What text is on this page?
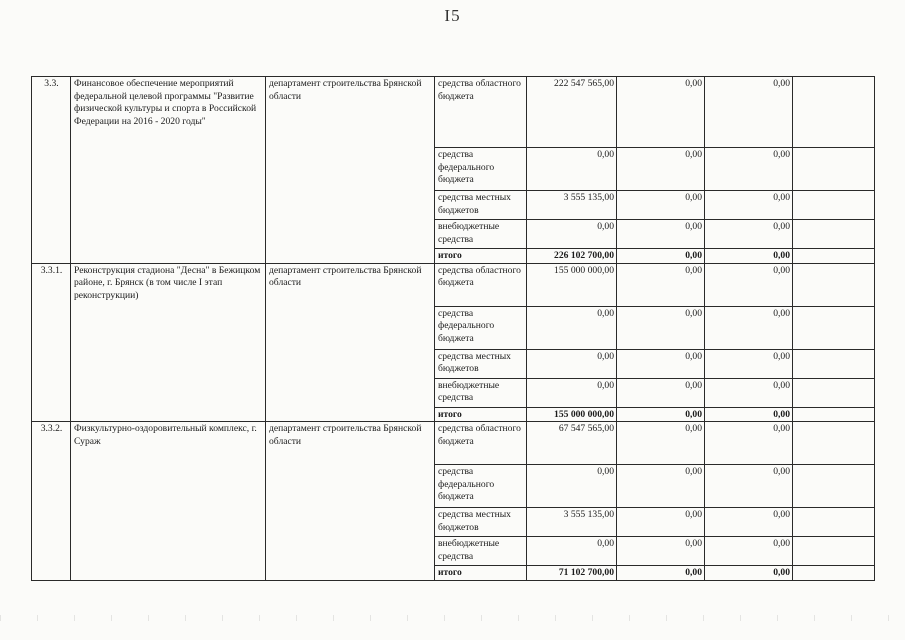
I5
3.3.	Финансовое обеспечение мероприятий федеральной целевой программы "Развитие физической культуры и спорта в Российской Федерации на 2016 - 2020 годы"	департамент строительства Брянской области	средства областного бюджета	222 547 565,00	0,00	0,00	
			средства федерального бюджета	0,00	0,00	0,00	
			средства местных бюджетов	3 555 135,00	0,00	0,00	
			внебюджетные средства	0,00	0,00	0,00	
			итого	226 102 700,00	0,00	0,00	
3.3.1.	Реконструкция стадиона "Десна" в Бежицком районе, г. Брянск (в том числе I этап реконструкции)	департамент строительства Брянской области	средства областного бюджета	155 000 000,00	0,00	0,00	
			средства федерального бюджета	0,00	0,00	0,00	
			средства местных бюджетов	0,00	0,00	0,00	
			внебюджетные средства	0,00	0,00	0,00	
			итого	155 000 000,00	0,00	0,00	
3.3.2.	Физкультурно-оздоровительный комплекс, г. Сураж	департамент строительства Брянской области	средства областного бюджета	67 547 565,00	0,00	0,00	
			средства федерального бюджета	0,00	0,00	0,00	
			средства местных бюджетов	3 555 135,00	0,00	0,00	
			внебюджетные средства	0,00	0,00	0,00	
			итого	71 102 700,00	0,00	0,00	
